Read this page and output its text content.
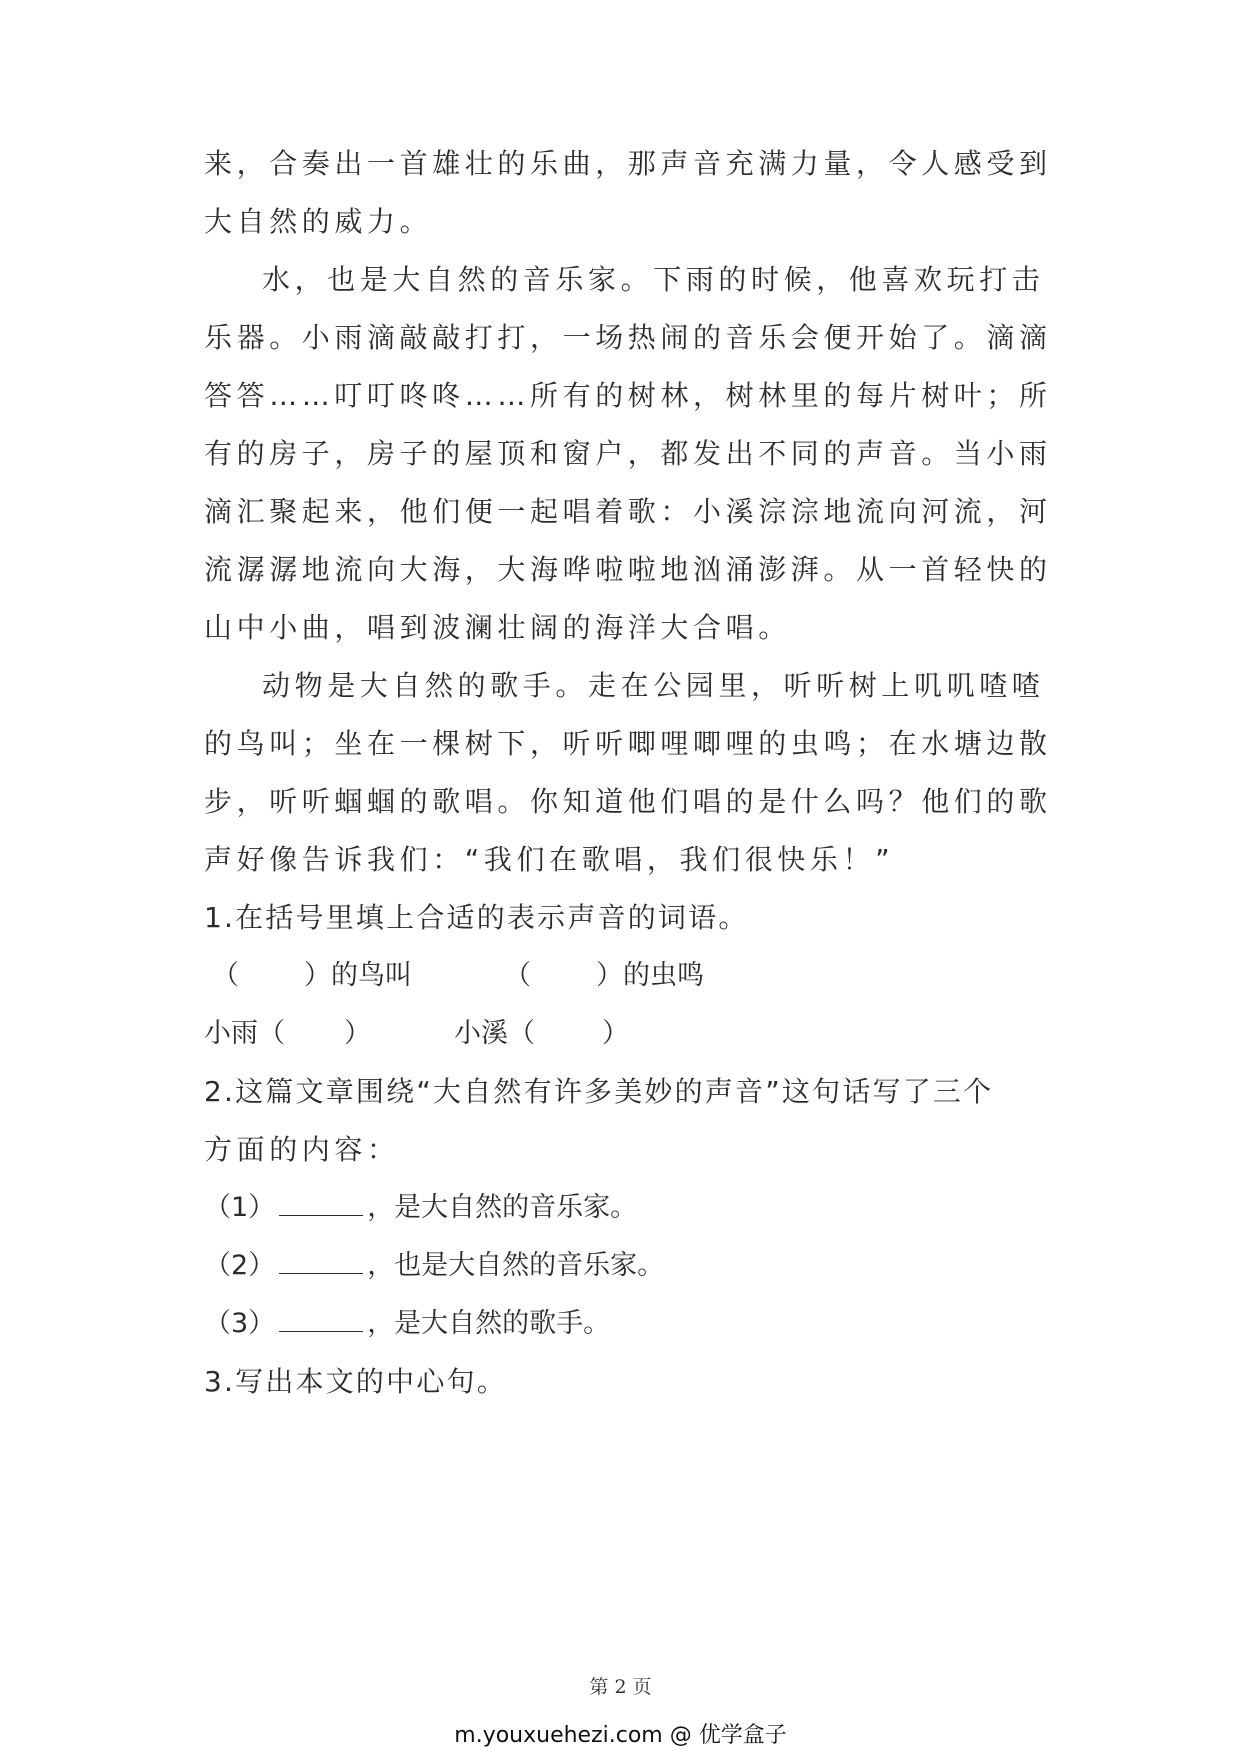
来，合奏出一首雄壮的乐曲，那声音充满力量，令人感受到
大自然的威力。
水，也是大自然的音乐家。下雨的时候，他喜欢玩打击
乐器。小雨滴敲敲打打，一场热闹的音乐会便开始了。滴滴
答答……叮叮咚咚……所有的树林，树林里的每片树叶；所
有的房子，房子的屋顶和窗户，都发出不同的声音。当小雨
滴汇聚起来，他们便一起唱着歌：小溪淙淙地流向河流，河
流潺潺地流向大海，大海哗啦啦地汹涌澎湃。从一首轻快的
山中小曲，唱到波澜壮阔的海洋大合唱。
动物是大自然的歌手。走在公园里，听听树上叽叽喳喳
的鸟叫；坐在一棵树下，听听唧哩唧哩的虫鸣；在水塘边散
步，听听蝈蝈的歌唱。你知道他们唱的是什么吗？他们的歌
声好像告诉我们：“我们在歌唱，我们很快乐！”
1.在括号里填上合适的表示声音的词语。
（ ）的鸟叫	（ ）的虫鸣
小雨（ ）	小溪（ ）
2.这篇文章围绕“大自然有许多美妙的声音”这句话写了三个
方面的内容：
（1）	，是大自然的音乐家。
（2）	，也是大自然的音乐家。
（3）	，是大自然的歌手。
3.写出本文的中心句。
第 2 页
m.youxuehezi.com @ 优学盒子
